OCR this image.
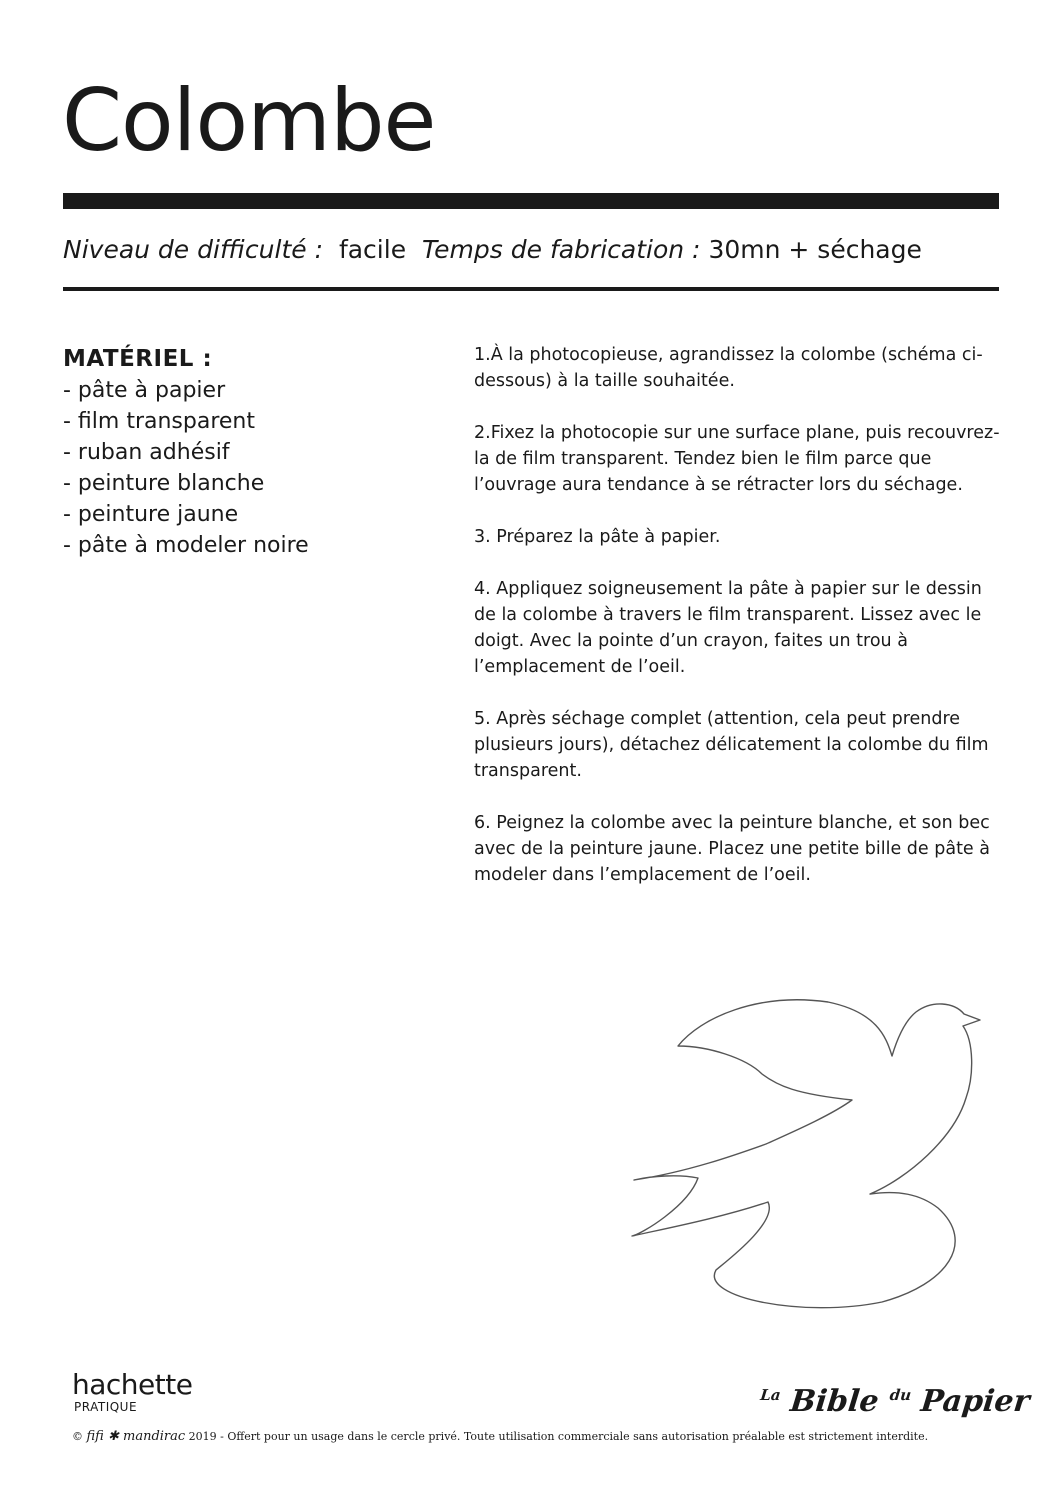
Colombe
Niveau de difficulté : facile Temps de fabrication : 30mn + séchage
MATÉRIEL :
- pâte à papier
- film transparent
- ruban adhésif
- peinture blanche
- peinture jaune
- pâte à modeler noire

1.À la photocopieuse, agrandissez la colombe (schéma ci-dessous) à la taille souhaitée.

2.Fixez la photocopie sur une surface plane, puis recouvrez-la de film transparent. Tendez bien le film parce que l’ouvrage aura tendance à se rétracter lors du séchage.

3. Préparez la pâte à papier.

4. Appliquez soigneusement la pâte à papier sur le dessin de la colombe à travers le film transparent. Lissez avec le doigt. Avec la pointe d’un crayon, faites un trou à l’emplacement de l’oeil.

5. Après séchage complet (attention, cela peut prendre plusieurs jours), détachez délicatement la colombe du film transparent.

6. Peignez la colombe avec la peinture blanche, et son bec avec de la peinture jaune. Placez une petite bille de pâte à modeler dans l’emplacement de l’oeil.

hachette
PRATIQUE
$^{La}$ Bible $^{du}$ Papier
© fifi ✱ mandirac 2019 - Offert pour un usage dans le cercle privé. Toute utilisation commerciale sans autorisation préalable est strictement interdite.
